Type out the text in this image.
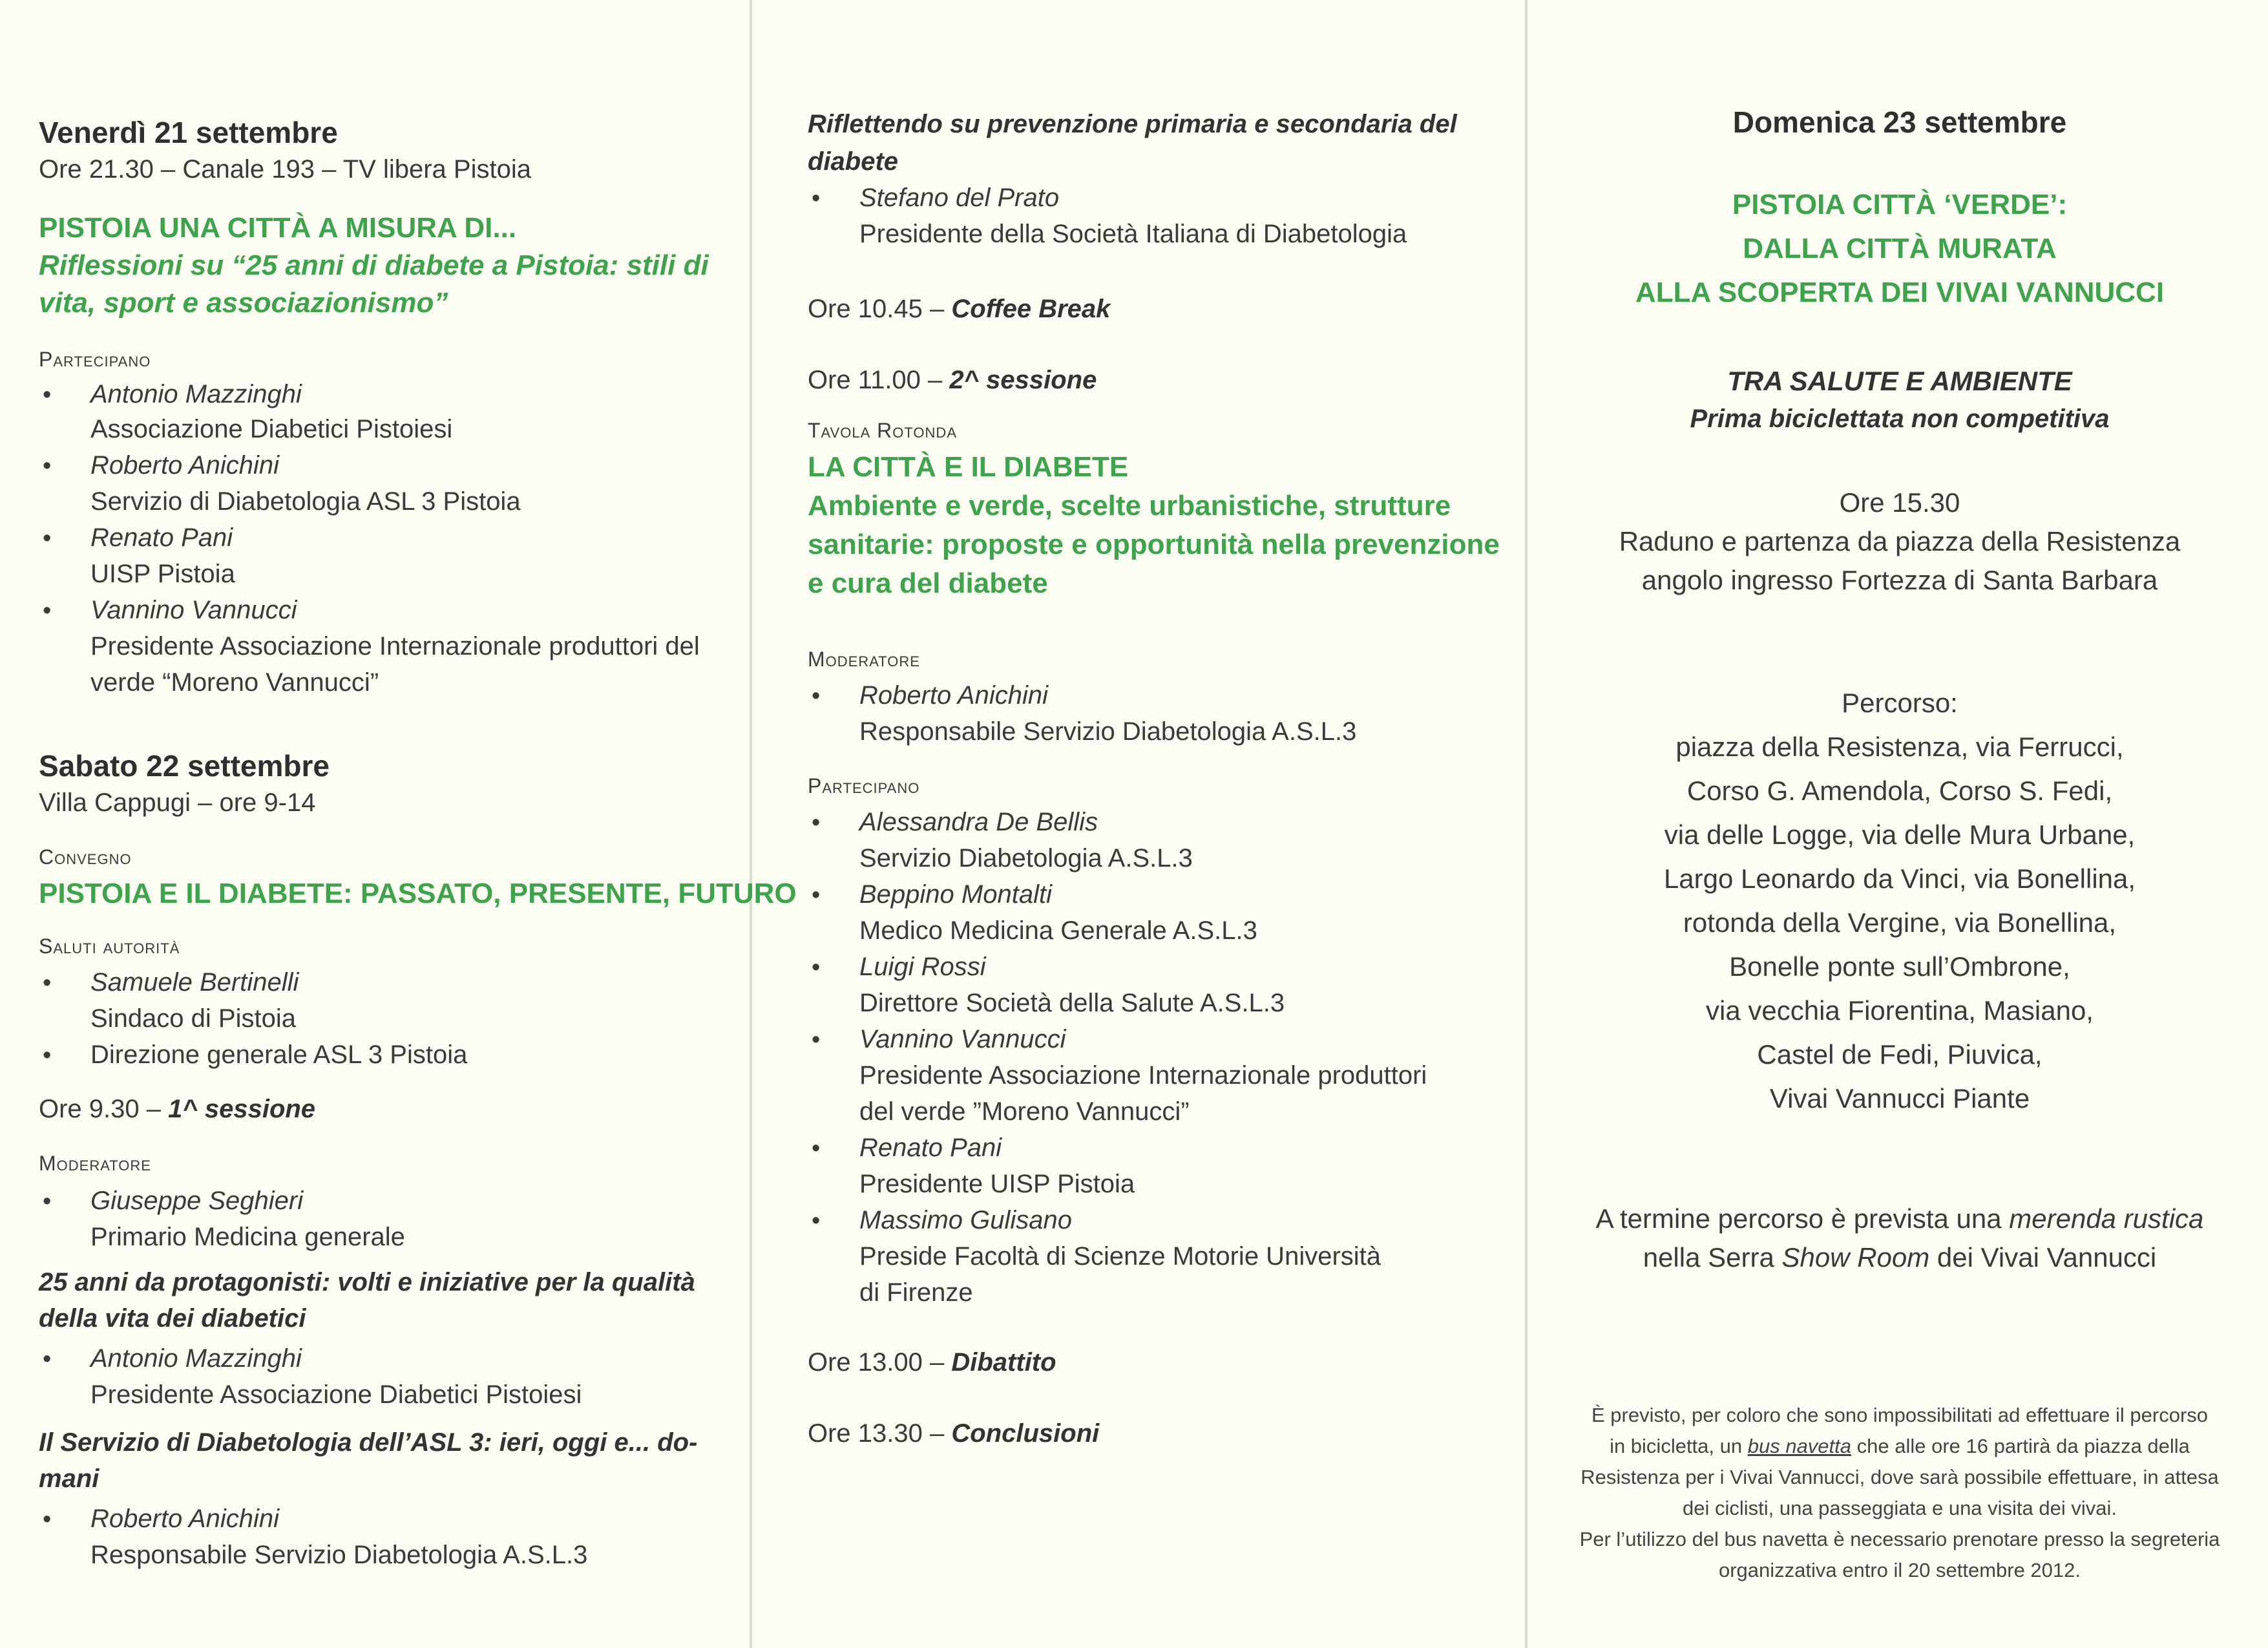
Venerdì 21 settembre
Ore 21.30 – Canale 193 – TV libera Pistoia
PISTOIA UNA CITTÀ A MISURA DI...
Riflessioni su “25 anni di diabete a Pistoia: stili di
vita, sport e associazionismo”
Partecipano
• Antonio Mazzinghi
Associazione Diabetici Pistoiesi
• Roberto Anichini
Servizio di Diabetologia ASL 3 Pistoia
• Renato Pani
UISP Pistoia
• Vannino Vannucci
Presidente Associazione Internazionale produttori del
verde “Moreno Vannucci”
Sabato 22 settembre
Villa Cappugi – ore 9-14
Convegno
PISTOIA E IL DIABETE: PASSATO, PRESENTE, FUTURO
Saluti autorità
• Samuele Bertinelli
Sindaco di Pistoia
• Direzione generale ASL 3 Pistoia
Ore 9.30 – 1^ sessione
Moderatore
• Giuseppe Seghieri
Primario Medicina generale
25 anni da protagonisti: volti e iniziative per la qualità
della vita dei diabetici
• Antonio Mazzinghi
Presidente Associazione Diabetici Pistoiesi
Il Servizio di Diabetologia dell’ASL 3: ieri, oggi e... do-
mani
• Roberto Anichini
Responsabile Servizio Diabetologia A.S.L.3
Riflettendo su prevenzione primaria e secondaria del
diabete
• Stefano del Prato
Presidente della Società Italiana di Diabetologia
Ore 10.45 – Coffee Break
Ore 11.00 – 2^ sessione
Tavola Rotonda
LA CITTÀ E IL DIABETE
Ambiente e verde, scelte urbanistiche, strutture
sanitarie: proposte e opportunità nella prevenzione
e cura del diabete
Moderatore
• Roberto Anichini
Responsabile Servizio Diabetologia A.S.L.3
Partecipano
• Alessandra De Bellis
Servizio Diabetologia A.S.L.3
• Beppino Montalti
Medico Medicina Generale A.S.L.3
• Luigi Rossi
Direttore Società della Salute A.S.L.3
• Vannino Vannucci
Presidente Associazione Internazionale produttori
del verde ”Moreno Vannucci”
• Renato Pani
Presidente UISP Pistoia
• Massimo Gulisano
Preside Facoltà di Scienze Motorie Università
di Firenze
Ore 13.00 – Dibattito
Ore 13.30 – Conclusioni
Domenica 23 settembre
PISTOIA CITTÀ ‘VERDE’:
DALLA CITTÀ MURATA
ALLA SCOPERTA DEI VIVAI VANNUCCI
TRA SALUTE E AMBIENTE
Prima biciclettata non competitiva
Ore 15.30
Raduno e partenza da piazza della Resistenza
angolo ingresso Fortezza di Santa Barbara
Percorso:
piazza della Resistenza, via Ferrucci,
Corso G. Amendola, Corso S. Fedi,
via delle Logge, via delle Mura Urbane,
Largo Leonardo da Vinci, via Bonellina,
rotonda della Vergine, via Bonellina,
Bonelle ponte sull’Ombrone,
via vecchia Fiorentina, Masiano,
Castel de Fedi, Piuvica,
Vivai Vannucci Piante
A termine percorso è prevista una merenda rustica
nella Serra Show Room dei Vivai Vannucci
È previsto, per coloro che sono impossibilitati ad effettuare il percorso
in bicicletta, un bus navetta che alle ore 16 partirà da piazza della
Resistenza per i Vivai Vannucci, dove sarà possibile effettuare, in attesa
dei ciclisti, una passeggiata e una visita dei vivai.
Per l’utilizzo del bus navetta è necessario prenotare presso la segreteria
organizzativa entro il 20 settembre 2012.
